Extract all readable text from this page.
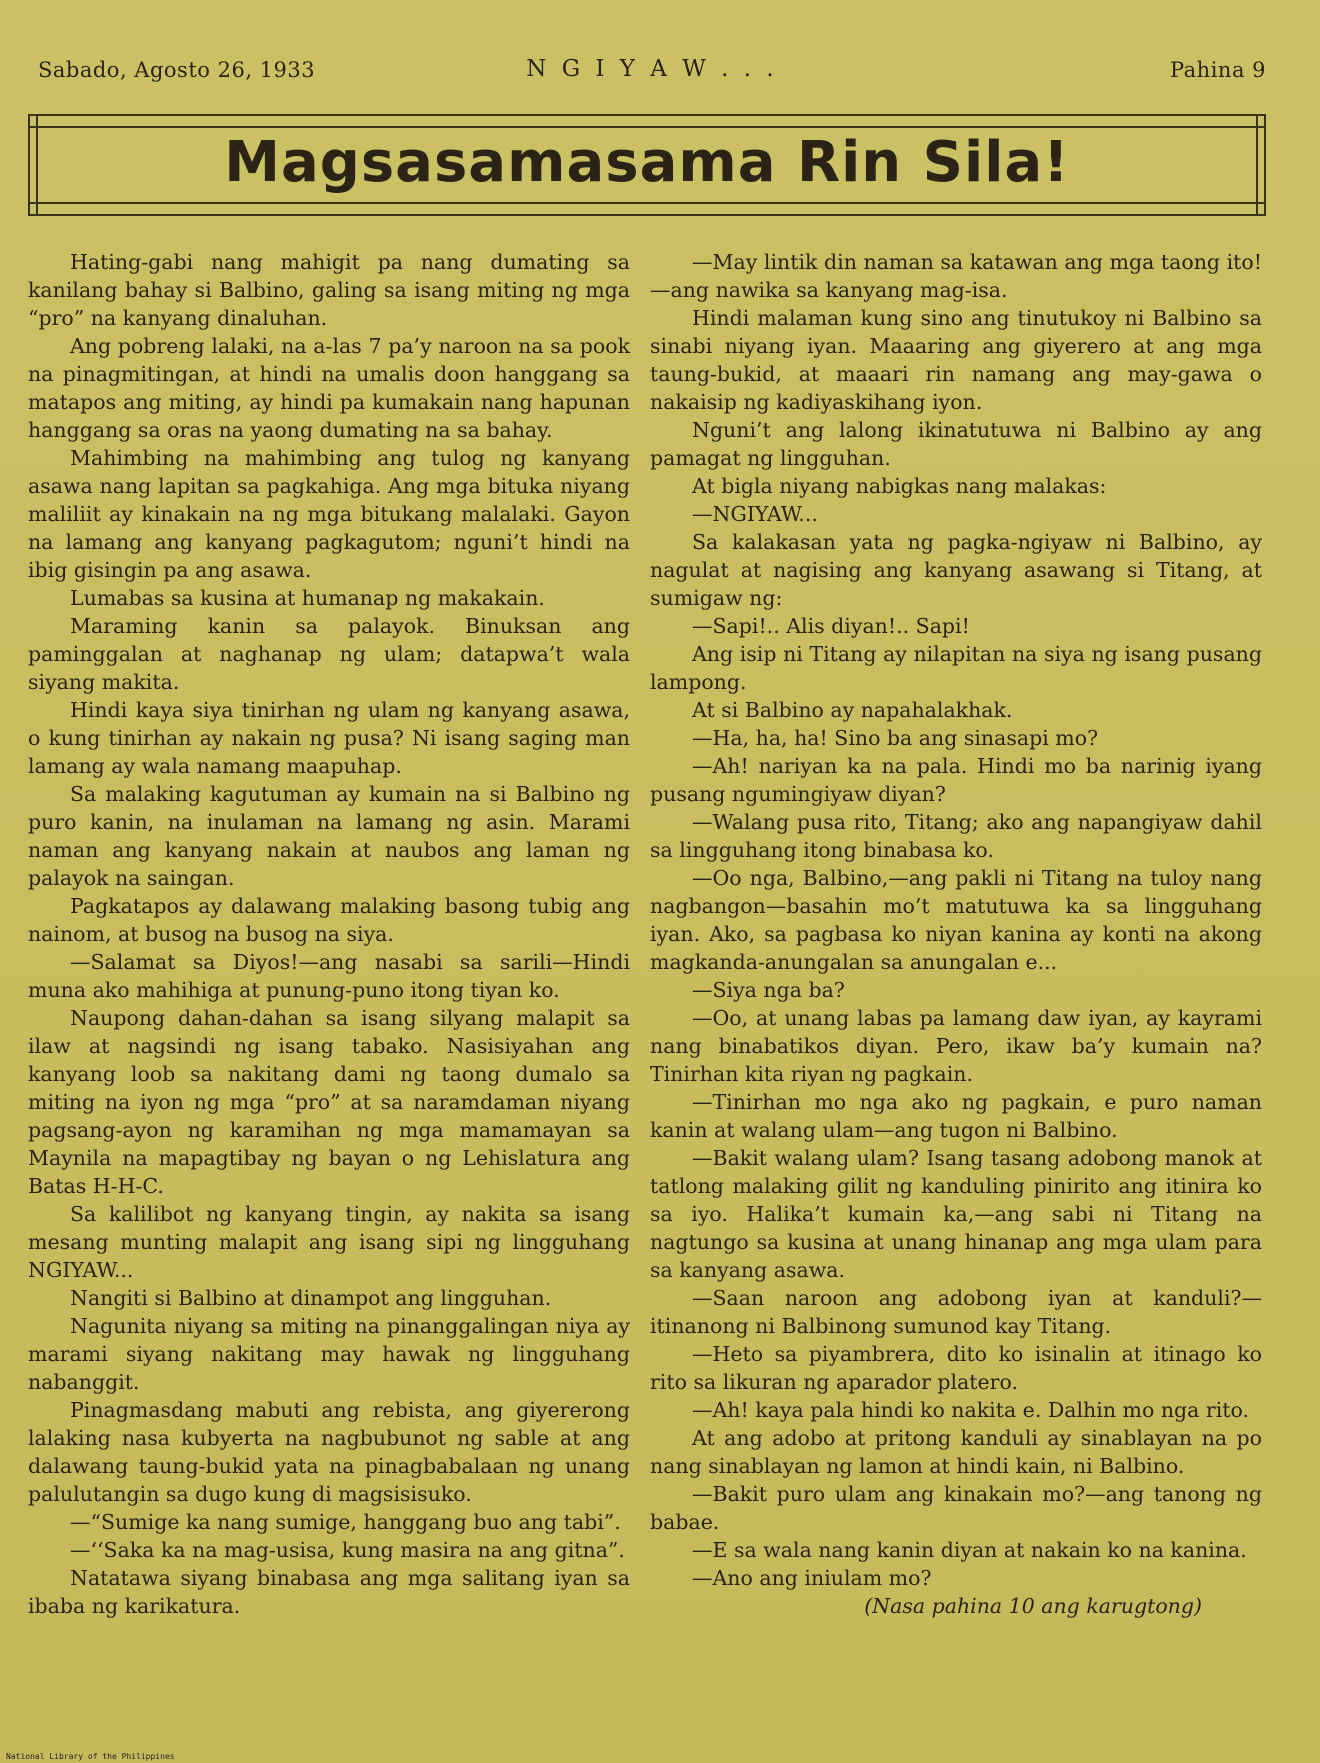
Sabado, Agosto 26, 1933	N G I Y A W . . .	Pahina 9
Magsasamasama Rin Sila!

Hating-gabi nang mahigit pa nang dumating sa kanilang bahay si Balbino, galing sa isang miting ng mga “pro” na kanyang dinaluhan.

Ang pobreng lalaki, na a-las 7 pa’y naroon na sa pook na pinagmitingan, at hindi na umalis doon hanggang sa matapos ang miting, ay hindi pa kumakain nang hapunan hanggang sa oras na yaong dumating na sa bahay.

Mahimbing na mahimbing ang tulog ng kanyang asawa nang lapitan sa pagkahiga. Ang mga bituka niyang maliliit ay kinakain na ng mga bitukang malalaki. Gayon na lamang ang kanyang pagkagutom; nguni’t hindi na ibig gisingin pa ang asawa.

Lumabas sa kusina at humanap ng makakain.

Maraming kanin sa palayok. Binuksan ang paminggalan at naghanap ng ulam; datapwa’t wala siyang makita.

Hindi kaya siya tinirhan ng ulam ng kanyang asawa, o kung tinirhan ay nakain ng pusa? Ni isang saging man lamang ay wala namang maapuhap.

Sa malaking kagutuman ay kumain na si Balbino ng puro kanin, na inulaman na lamang ng asin. Marami naman ang kanyang nakain at naubos ang laman ng palayok na saingan.

Pagkatapos ay dalawang malaking basong tubig ang nainom, at busog na busog na siya.

—Salamat sa Diyos!—ang nasabi sa sarili—Hindi muna ako mahihiga at punung-puno itong tiyan ko.

Naupong dahan-dahan sa isang silyang malapit sa ilaw at nagsindi ng isang tabako. Nasisiyahan ang kanyang loob sa nakitang dami ng taong dumalo sa miting na iyon ng mga “pro” at sa naramdaman niyang pagsang-ayon ng karamihan ng mga mamamayan sa Maynila na mapagtibay ng bayan o ng Lehislatura ang Batas H-H-C.

Sa kalilibot ng kanyang tingin, ay nakita sa isang mesang munting malapit ang isang sipi ng lingguhang NGIYAW...

Nangiti si Balbino at dinampot ang lingguhan.

Nagunita niyang sa miting na pinanggalingan niya ay marami siyang nakitang may hawak ng lingguhang nabanggit.

Pinagmasdang mabuti ang rebista, ang giyererong lalaking nasa kubyerta na nagbubunot ng sable at ang dalawang taung-bukid yata na pinagbabalaan ng unang palulutangin sa dugo kung di magsisisuko.

—“Sumige ka nang sumige, hanggang buo ang tabi”.

—‘‘Saka ka na mag-usisa, kung masira na ang gitna”.

Natatawa siyang binabasa ang mga salitang iyan sa ibaba ng karikatura.

—May lintik din naman sa katawan ang mga taong ito!—ang nawika sa kanyang mag-isa.

Hindi malaman kung sino ang tinutukoy ni Balbino sa sinabi niyang iyan. Maaaring ang giyerero at ang mga taung-bukid, at maaari rin namang ang may-gawa o nakaisip ng kadiyaskihang iyon.

Nguni’t ang lalong ikinatutuwa ni Balbino ay ang pamagat ng lingguhan.

At bigla niyang nabigkas nang malakas:

—NGIYAW...

Sa kalakasan yata ng pagka-ngiyaw ni Balbino, ay nagulat at nagising ang kanyang asawang si Titang, at sumigaw ng:

—Sapi!.. Alis diyan!.. Sapi!

Ang isip ni Titang ay nilapitan na siya ng isang pusang lampong.

At si Balbino ay napahalakhak.

—Ha, ha, ha! Sino ba ang sinasapi mo?

—Ah! nariyan ka na pala. Hindi mo ba narinig iyang pusang ngumingiyaw diyan?

—Walang pusa rito, Titang; ako ang napangiyaw dahil sa lingguhang itong binabasa ko.

—Oo nga, Balbino,—ang pakli ni Titang na tuloy nang nagbangon—basahin mo’t matutuwa ka sa lingguhang iyan. Ako, sa pagbasa ko niyan kanina ay konti na akong magkanda-anungalan sa anungalan e...

—Siya nga ba?

—Oo, at unang labas pa lamang daw iyan, ay kayrami nang binabatikos diyan. Pero, ikaw ba’y kumain na? Tinirhan kita riyan ng pagkain.

—Tinirhan mo nga ako ng pagkain, e puro naman kanin at walang ulam—ang tugon ni Balbino.

—Bakit walang ulam? Isang tasang adobong manok at tatlong malaking gilit ng kanduling pinirito ang itinira ko sa iyo. Halika’t kumain ka,—ang sabi ni Titang na nagtungo sa kusina at unang hinanap ang mga ulam para sa kanyang asawa.

—Saan naroon ang adobong iyan at kanduli?—itinanong ni Balbinong sumunod kay Titang.

—Heto sa piyambrera, dito ko isinalin at itinago ko rito sa likuran ng aparador platero.

—Ah! kaya pala hindi ko nakita e. Dalhin mo nga rito.

At ang adobo at pritong kanduli ay sinablayan na po nang sinablayan ng lamon at hindi kain, ni Balbino.

—Bakit puro ulam ang kinakain mo?—ang tanong ng babae.

—E sa wala nang kanin diyan at nakain ko na kanina.

—Ano ang iniulam mo?

(Nasa pahina 10 ang karugtong)

National Library of the Philippines
